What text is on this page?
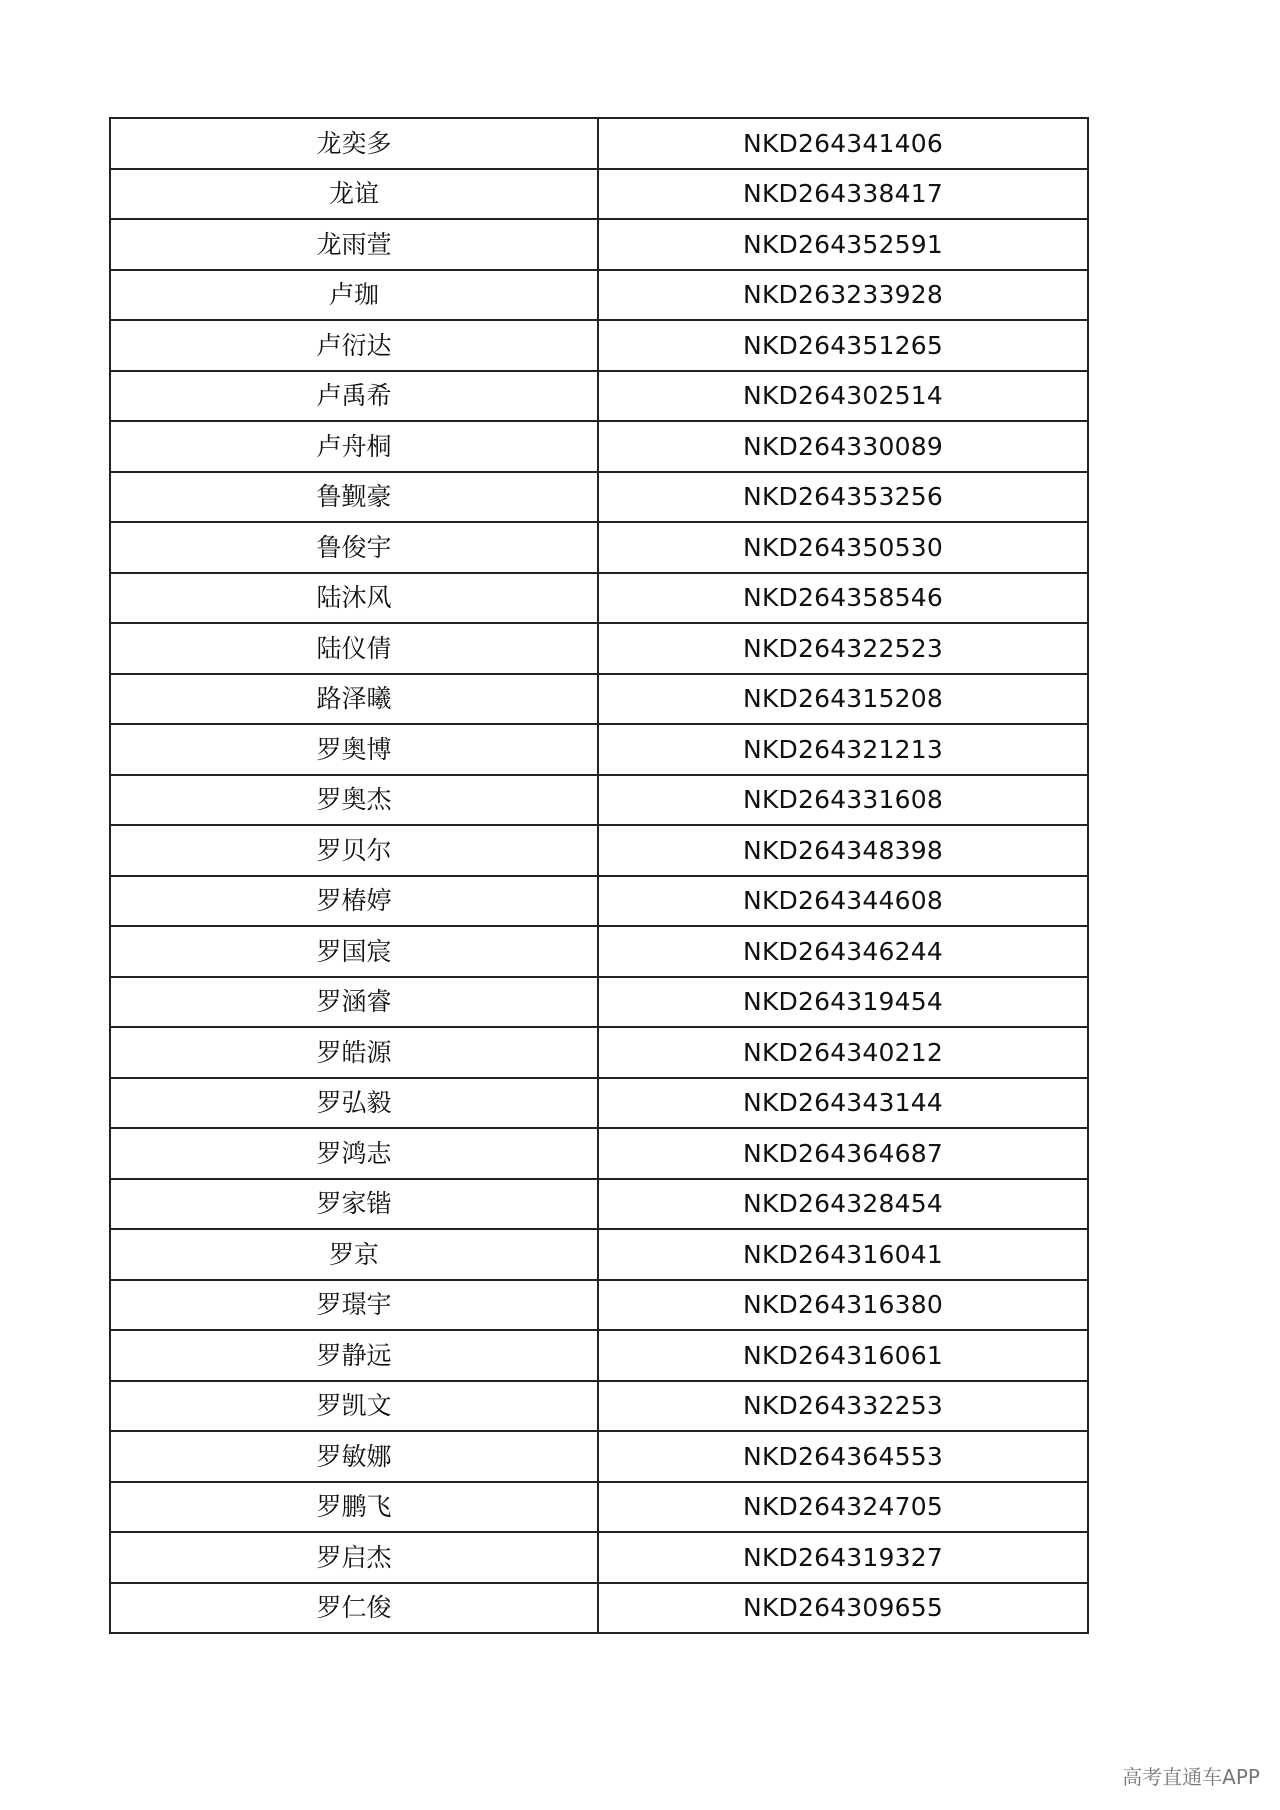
龙奕多	NKD264341406
龙谊	NKD264338417
龙雨萱	NKD264352591
卢珈	NKD263233928
卢衍达	NKD264351265
卢禹希	NKD264302514
卢舟桐	NKD264330089
鲁觐豪	NKD264353256
鲁俊宇	NKD264350530
陆沐风	NKD264358546
陆仪倩	NKD264322523
路泽曦	NKD264315208
罗奥博	NKD264321213
罗奥杰	NKD264331608
罗贝尔	NKD264348398
罗椿婷	NKD264344608
罗国宸	NKD264346244
罗涵睿	NKD264319454
罗皓源	NKD264340212
罗弘毅	NKD264343144
罗鸿志	NKD264364687
罗家锴	NKD264328454
罗京	NKD264316041
罗璟宇	NKD264316380
罗静远	NKD264316061
罗凯文	NKD264332253
罗敏娜	NKD264364553
罗鹏飞	NKD264324705
罗启杰	NKD264319327
罗仁俊	NKD264309655
高考直通车APP
